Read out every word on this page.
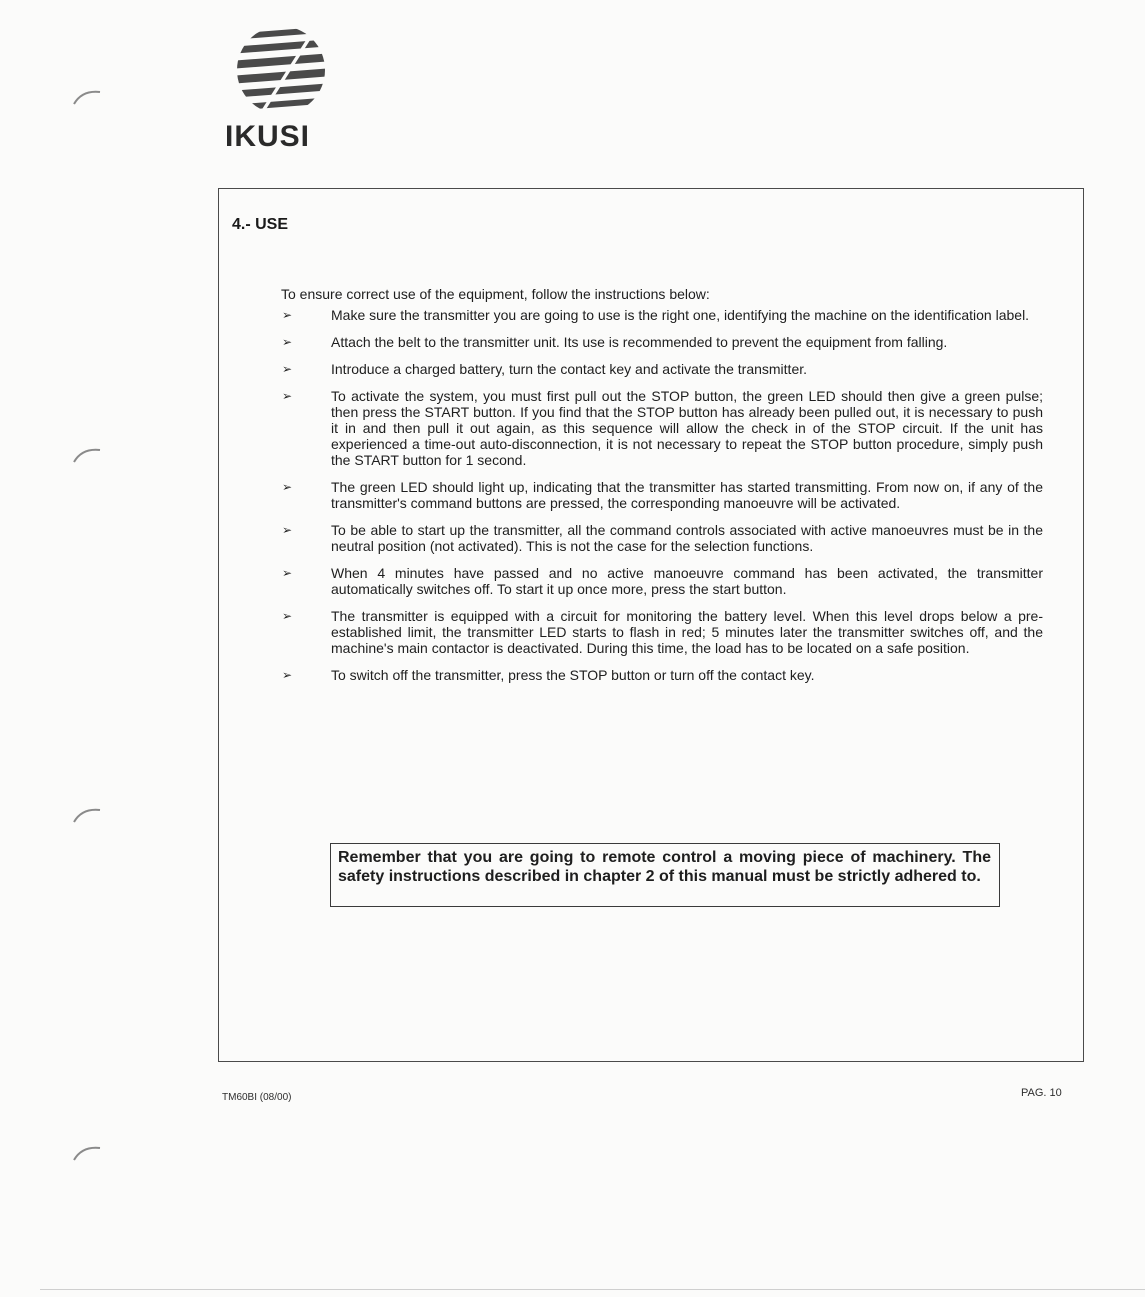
IKUSI
4.- USE
To ensure correct use of the equipment, follow the instructions below:
➢	Make sure the transmitter you are going to use is the right one, identifying the machine on the identification label.
➢	Attach the belt to the transmitter unit. Its use is recommended to prevent the equipment from falling.
➢	Introduce a charged battery, turn the contact key and activate the transmitter.
➢	To activate the system, you must first pull out the STOP button, the green LED should then give a green pulse; then press the START button. If you find that the STOP button has already been pulled out, it is necessary to push it in and then pull it out again, as this sequence will allow the check in of the STOP circuit. If the unit has experienced a time-out auto-disconnection, it is not necessary to repeat the STOP button procedure, simply push the START button for 1 second.
➢	The green LED should light up, indicating that the transmitter has started transmitting. From now on, if any of the transmitter's command buttons are pressed, the corresponding manoeuvre will be activated.
➢	To be able to start up the transmitter, all the command controls associated with active manoeuvres must be in the neutral position (not activated). This is not the case for the selection functions.
➢	When 4 minutes have passed and no active manoeuvre command has been activated, the transmitter automatically switches off. To start it up once more, press the start button.
➢	The transmitter is equipped with a circuit for monitoring the battery level. When this level drops below a pre-established limit, the transmitter LED starts to flash in red; 5 minutes later the transmitter switches off, and the machine's main contactor is deactivated. During this time, the load has to be located on a safe position.
➢	To switch off the transmitter, press the STOP button or turn off the contact key.
Remember that you are going to remote control a moving piece of machinery. The safety instructions described in chapter 2 of this manual must be strictly adhered to.
TM60BI (08/00)	PAG. 10
